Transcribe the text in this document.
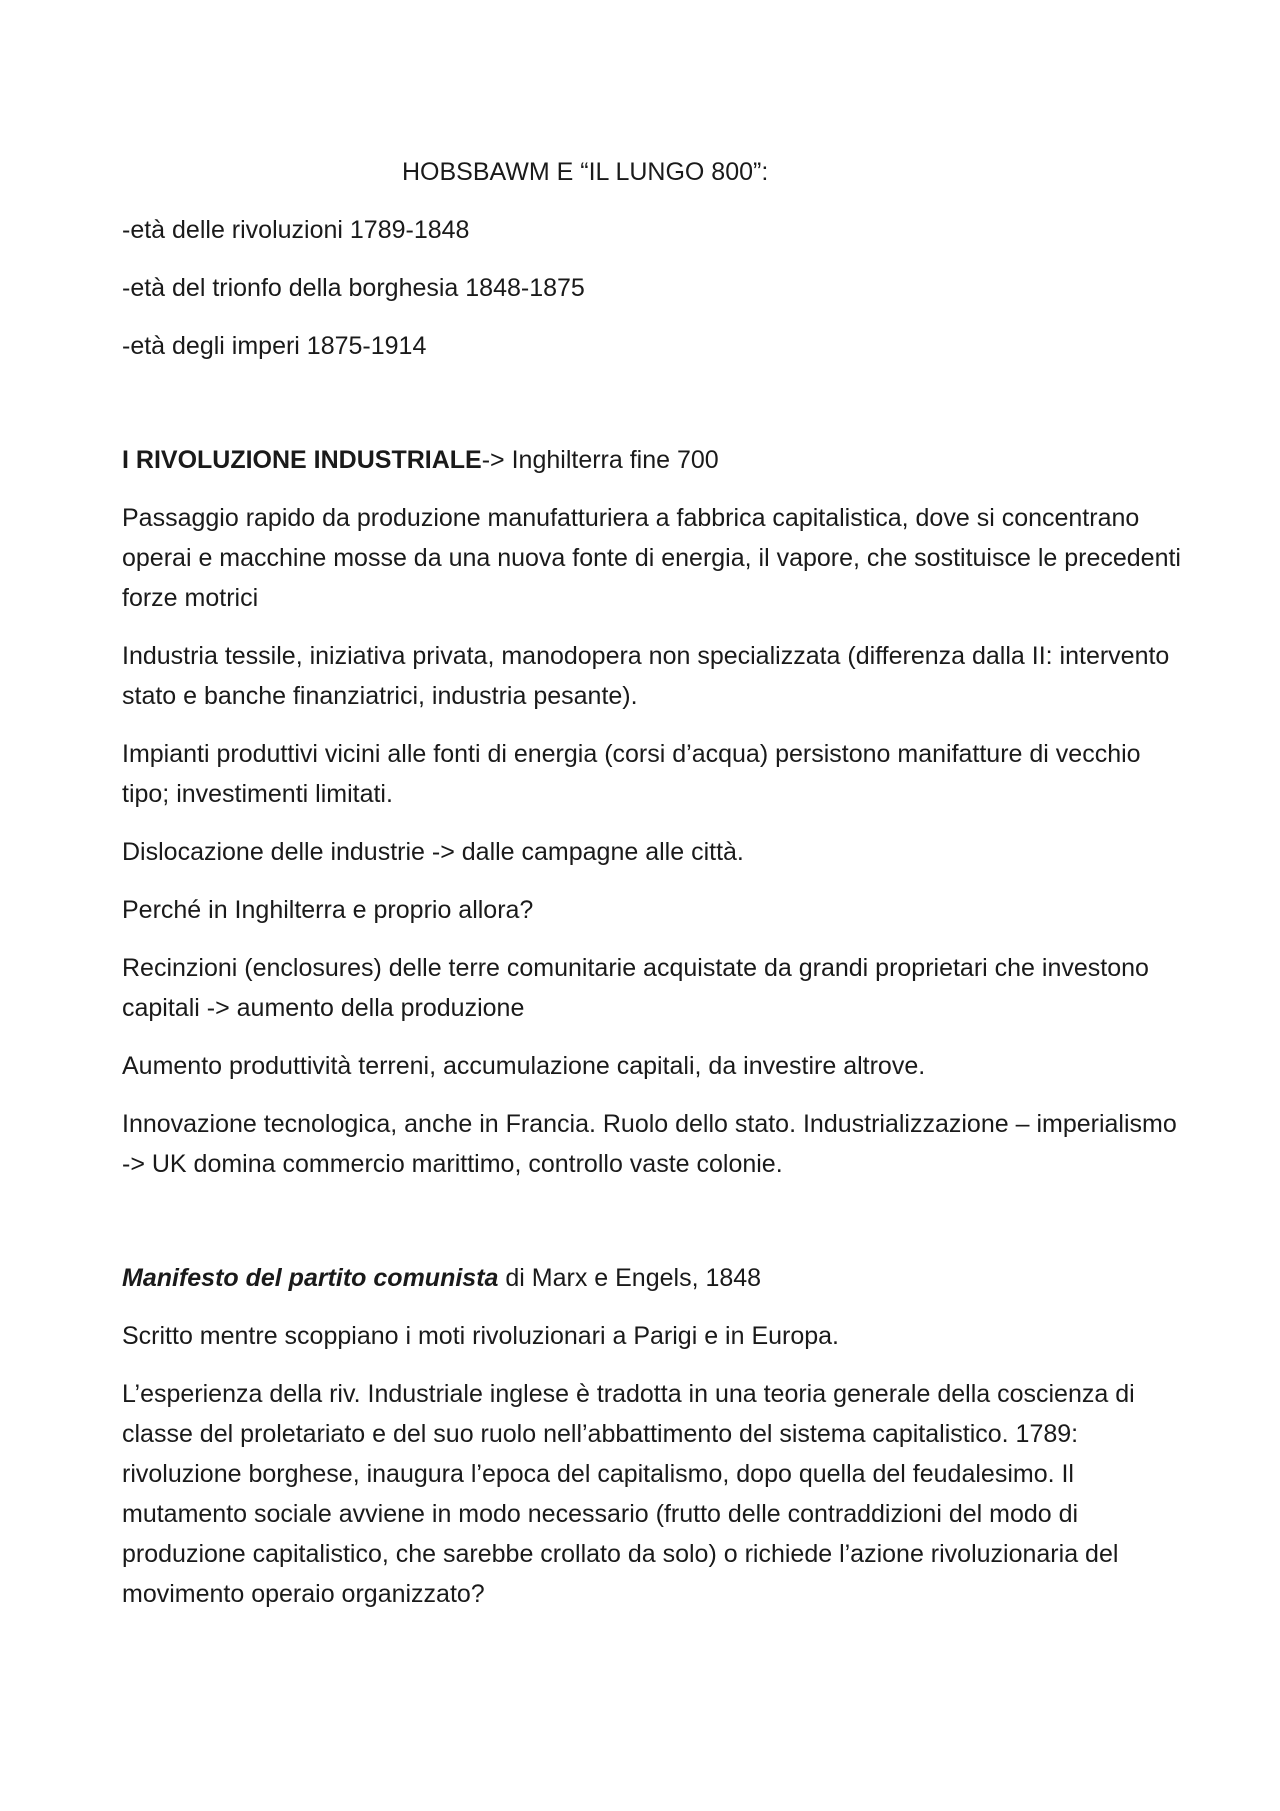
HOBSBAWM E “IL LUNGO 800”:
-età delle rivoluzioni 1789-1848
-età del trionfo della borghesia 1848-1875
-età degli imperi 1875-1914
I RIVOLUZIONE INDUSTRIALE-> Inghilterra fine 700
Passaggio rapido da produzione manufatturiera a fabbrica capitalistica, dove si concentrano operai e macchine mosse da una nuova fonte di energia, il vapore, che sostituisce le precedenti forze motrici
Industria tessile, iniziativa privata, manodopera non specializzata (differenza dalla II: intervento stato e banche finanziatrici, industria pesante).
Impianti produttivi vicini alle fonti di energia (corsi d’acqua) persistono manifatture di vecchio tipo; investimenti limitati.
Dislocazione delle industrie -> dalle campagne alle città.
Perché in Inghilterra e proprio allora?
Recinzioni (enclosures) delle terre comunitarie acquistate da grandi proprietari che investono capitali -> aumento della produzione
Aumento produttività terreni, accumulazione capitali, da investire altrove.
Innovazione tecnologica, anche in Francia. Ruolo dello stato. Industrializzazione – imperialismo -> UK domina commercio marittimo, controllo vaste colonie.
Manifesto del partito comunista di Marx e Engels, 1848
Scritto mentre scoppiano i moti rivoluzionari a Parigi e in Europa.
L’esperienza della riv. Industriale inglese è tradotta in una teoria generale della coscienza di classe del proletariato e del suo ruolo nell’abbattimento del sistema capitalistico. 1789: rivoluzione borghese, inaugura l’epoca del capitalismo, dopo quella del feudalesimo. Il mutamento sociale avviene in modo necessario (frutto delle contraddizioni del modo di produzione capitalistico, che sarebbe crollato da solo) o richiede l’azione rivoluzionaria del movimento operaio organizzato?
